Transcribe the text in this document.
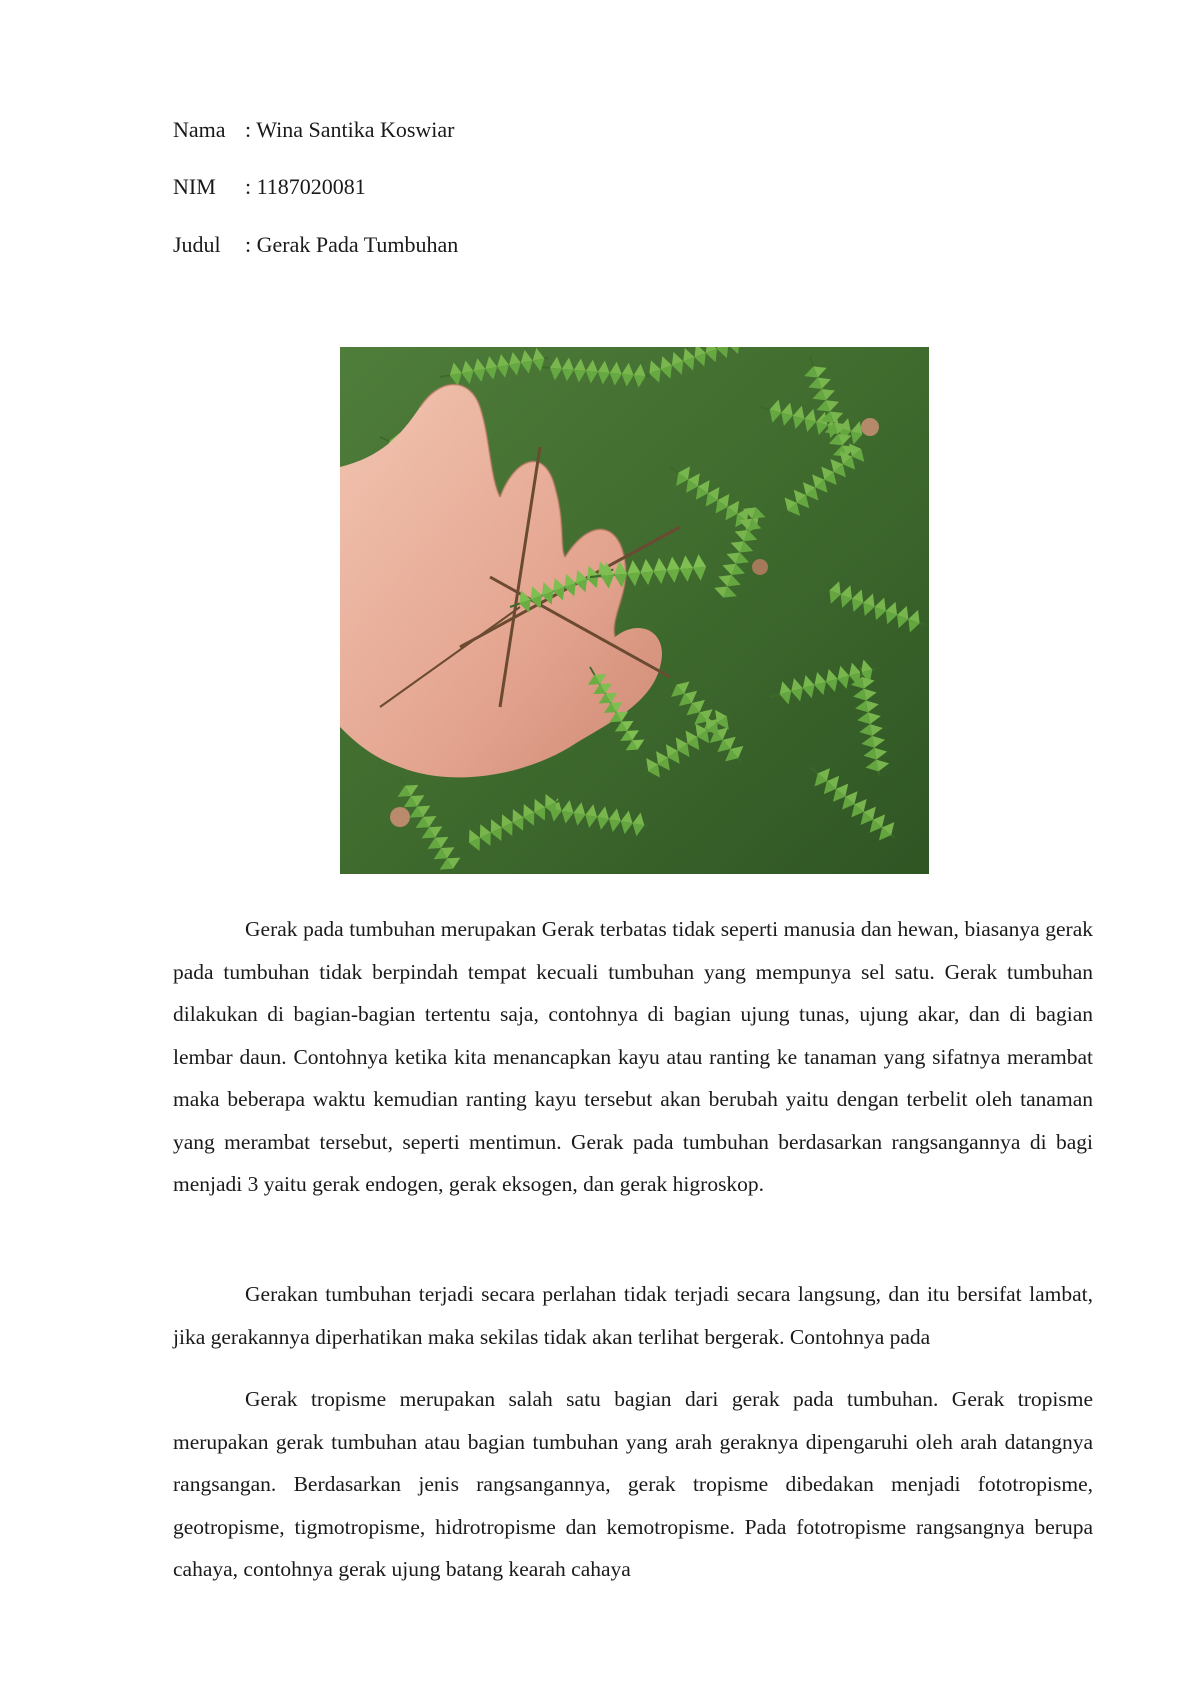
Nama : Wina Santika Koswiar
NIM : 1187020081
Judul : Gerak Pada Tumbuhan

Gerak pada tumbuhan merupakan Gerak terbatas tidak seperti manusia dan hewan, biasanya gerak pada tumbuhan tidak berpindah tempat kecuali tumbuhan yang mempunya sel satu. Gerak tumbuhan dilakukan di bagian-bagian tertentu saja, contohnya di bagian ujung tunas, ujung akar, dan di bagian lembar daun. Contohnya ketika kita menancapkan kayu atau ranting ke tanaman yang sifatnya merambat maka beberapa waktu kemudian ranting kayu tersebut akan berubah yaitu dengan terbelit oleh tanaman yang merambat tersebut, seperti mentimun. Gerak pada tumbuhan berdasarkan rangsangannya di bagi menjadi 3 yaitu gerak endogen, gerak eksogen, dan gerak higroskop.

Gerakan tumbuhan terjadi secara perlahan tidak terjadi secara langsung, dan itu bersifat lambat, jika gerakannya diperhatikan maka sekilas tidak akan terlihat bergerak. Contohnya pada

Gerak tropisme merupakan salah satu bagian dari gerak pada tumbuhan. Gerak tropisme merupakan gerak tumbuhan atau bagian tumbuhan yang arah geraknya dipengaruhi oleh arah datangnya rangsangan. Berdasarkan jenis rangsangannya, gerak tropisme dibedakan menjadi fototropisme, geotropisme, tigmotropisme, hidrotropisme dan kemotropisme. Pada fototropisme rangsangnya berupa cahaya, contohnya gerak ujung batang kearah cahaya
